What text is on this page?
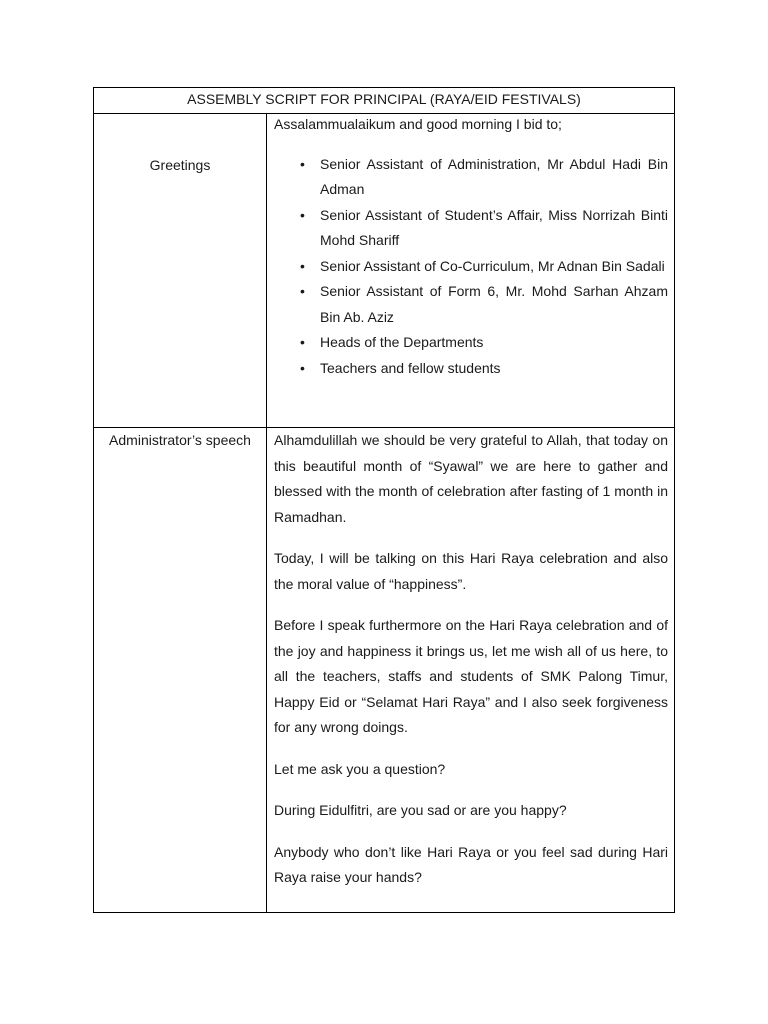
ASSEMBLY SCRIPT FOR PRINCIPAL (RAYA/EID FESTIVALS)
Greetings

Assalammualaikum and good morning I bid to;

• Senior Assistant of Administration, Mr Abdul Hadi Bin Adman
• Senior Assistant of Student’s Affair, Miss Norrizah Binti Mohd Shariff
• Senior Assistant of Co-Curriculum, Mr Adnan Bin Sadali
• Senior Assistant of Form 6, Mr. Mohd Sarhan Ahzam Bin Ab. Aziz
• Heads of the Departments
• Teachers and fellow students
Administrator’s speech	Alhamdulillah we should be very grateful to Allah, that today on this beautiful month of “Syawal” we are here to gather and blessed with the month of celebration after fasting of 1 month in Ramadhan.

Today, I will be talking on this Hari Raya celebration and also the moral value of “happiness”.

Before I speak furthermore on the Hari Raya celebration and of the joy and happiness it brings us, let me wish all of us here, to all the teachers, staffs and students of SMK Palong Timur, Happy Eid or “Selamat Hari Raya” and I also seek forgiveness for any wrong doings.

Let me ask you a question?

During Eidulfitri, are you sad or are you happy?

Anybody who don’t like Hari Raya or you feel sad during Hari Raya raise your hands?
